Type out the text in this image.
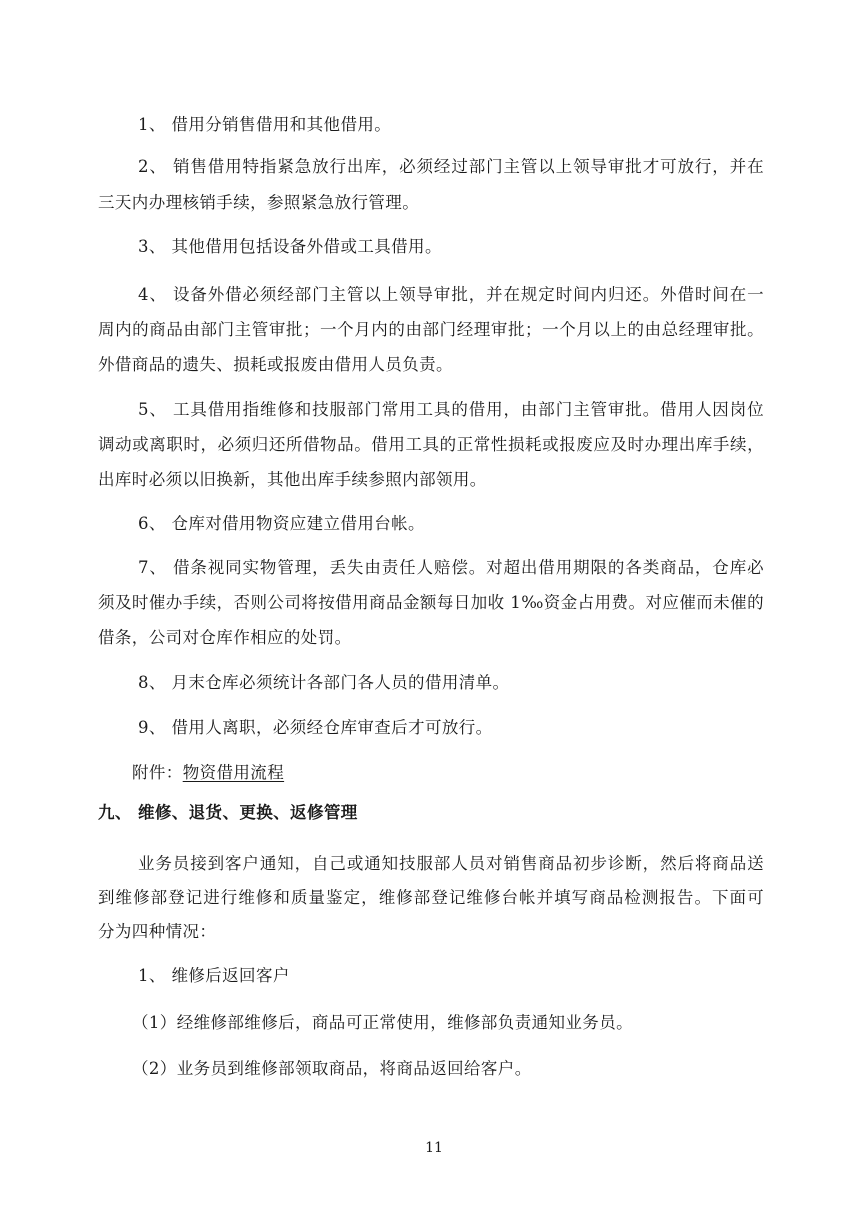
1、 借用分销售借用和其他借用。
2、 销售借用特指紧急放行出库，必须经过部门主管以上领导审批才可放行，并在
三天内办理核销手续，参照紧急放行管理。
3、 其他借用包括设备外借或工具借用。
4、 设备外借必须经部门主管以上领导审批，并在规定时间内归还。外借时间在一
周内的商品由部门主管审批；一个月内的由部门经理审批；一个月以上的由总经理审批。
外借商品的遗失、损耗或报废由借用人员负责。
5、 工具借用指维修和技服部门常用工具的借用，由部门主管审批。借用人因岗位
调动或离职时，必须归还所借物品。借用工具的正常性损耗或报废应及时办理出库手续，
出库时必须以旧换新，其他出库手续参照内部领用。
6、 仓库对借用物资应建立借用台帐。
7、 借条视同实物管理，丢失由责任人赔偿。对超出借用期限的各类商品，仓库必
须及时催办手续，否则公司将按借用商品金额每日加收 1‰资金占用费。对应催而未催的
借条，公司对仓库作相应的处罚。
8、 月末仓库必须统计各部门各人员的借用清单。
9、 借用人离职，必须经仓库审查后才可放行。
附件：物资借用流程
九、 维修、退货、更换、返修管理
业务员接到客户通知，自己或通知技服部人员对销售商品初步诊断，然后将商品送
到维修部登记进行维修和质量鉴定，维修部登记维修台帐并填写商品检测报告。下面可
分为四种情况：
1、 维修后返回客户
（1）经维修部维修后，商品可正常使用，维修部负责通知业务员。
（2）业务员到维修部领取商品，将商品返回给客户。
11
